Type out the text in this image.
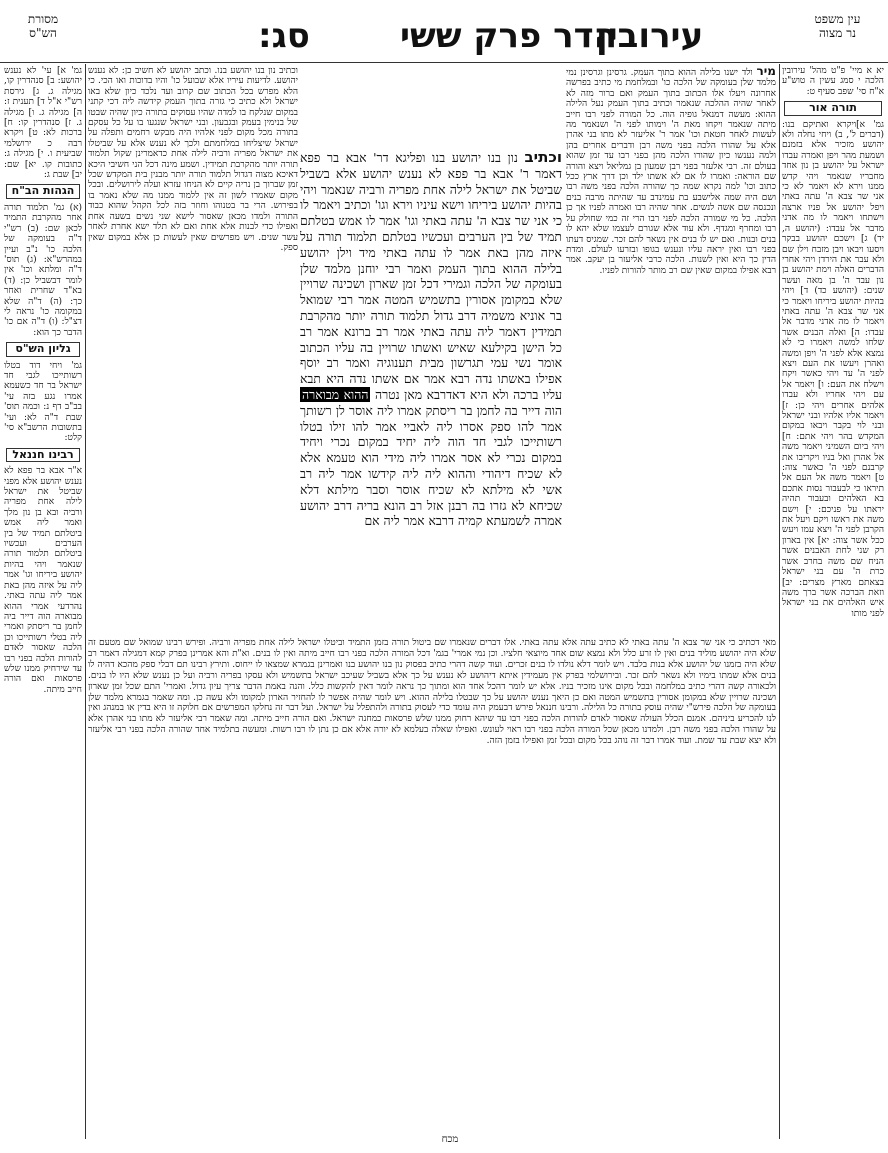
עין משפט
נר מצוה
סג:	הדר פרק ששי
עירובין
מסורת
הש"ס

יא א מיי' פ"ט מהל' עירובין הלכה י סמג עשין ה טוש"ע א"ח סי' שפב סעיף ט:

תורה אור

גמ' א]ויקרא ואתיקם בנו: (דברים ל', ב) ויחי נחלה ולא יהושע מזכיר אלא בזמנם ושמעת מהר ויפן ואמרה עבדו ישראל על יהושע בן נון אחד מחבריו שנאמר ויהי קדש ממנו וירא לא ויאמר לא כי אני שר צבא ה' עתה באתי ויפל יהושע אל פניו ארצה וישתחו ויאמר לו מה אדני מדבר אל עבדו: (יהושע ה, יד) ג] וישכם יהושע בבקר ויסעו ויבאו ויבן מזבח וילן שם ולא עבר את הירדן ויהי אחרי הדברים האלה וימת יהושע בן נון עבד ה' בן מאה ועשר שנים: (יהושע כד) ד] ויהי בהיות יהושע ביריחו ויאמר כי אני שר צבא ה' עתה באתי ויאמר לו מה אדני מדבר אל עבדו: ה] ואלה הבנים אשר שלחו למשה ויאמרו כי לא נמצא אלא לפני ה' ויפן ומשה ואהרן ויעשו את העם ויצא לפני ה' עד ויהי כאשר ויקח וישלח את העם: ו] ויאמר אל עם ויהי אחריו ולא עבדו אלהים אחרים ויהי כן: ז] ויאמר אליו אלהיו ובני ישראל ובני לוי בקבר ויבאו במקום המקדש בהר ויהי אתם: ח] ויהי ביום השמיני ויאמר משה אל אהרן ואל בניו ויקריבו את קרבנם לפני ה' כאשר צוה: ט] ויאמר משה אל העם אל תיראו כי לבעבור נסות אתכם בא האלהים ובעבור תהיה יראתו על פניכם: י] וישם משה את ראשו ויקם ויעל את הקרבן לפני ה' ויצא עמו ויעש ככל אשר צוה: יא] אין בארון רק שני לחת האבנים אשר הניח שם משה בחרב אשר כרת ה' עם בני ישראל בצאתם מארץ מצרים: יב] וזאת הברכה אשר ברך משה איש האלהים את בני ישראל לפני מותו

מיר ולד ישנו בלילה ההוא בתוך העמק. גרסינן וגרסינן נמי מלמד שלן בעומקה של הלכה כו' ובמלחמת מי כתיב בפרשה אחרונה ויעלו אלו הכתוב בתוך העמק ואם ברור מזה לא לאחר שהיה ההלכה שנאמר וכתיב בתוך העמק נעל הלילה ההוא: מעשה דמנאל גופיה הוה. כל המורה לפני רבו חייב מיתה שנאמר ויקחו מאת ה' וימותו לפני ה' ושנאמר מה לעשות לאחר חטאת וכו' אמר ר' אליעזר לא מתו בני אהרן אלא על שהורו הלכה בפני משה רבן ודברים אחרים בהן ולמה נענשו כיון שהורו הלכה מהן בפני רבו עד זמן שהוא בעולם זה. רבי אלעזר בפני רבן שמעון בן גמליאל ויצא והורה שם הוראה: ואמרו לו אם לא אשתו ילד וכן דרך ארץ ככל כתוב וכו' למה נקרא שמה כך שהורה הלכה בפני משה רבו ושם היה שמה אלישבע בת עמינדב עד שהיתה מרבה בנים ונכנסה שם אשה לנשים. אחר שהיה רבו ואמרה לפניו אך כן הלכה. כל מי שמורה הלכה לפני רבו הרי זה כמי שחולק על רבו ומחרף ומגדף. ולא עוד אלא שגורם לעצמו שלא יהא לו בנים ובנות. ואם יש לו בנים אין נשאר להם זכר. שמגיס דעתו בפני רבו ואין יראה עליו ונענש בגופו ובזרעו לעולם. ומדת הדין כך היא ואין לשנות. הלכה כרבי אליעזר בן יעקב. אמר רבא אפילו במקום שאין שם רב מותר להורות לפניו.
וכתיב נון בנו יהושע בנו ופליגא דר' אבא בר פפא דאמר ר' אבא בר פפא לא נענש יהושע אלא בשביל שביטל את ישראל לילה אחת מפריה ורביה שנאמר ויהי בהיות יהושע ביריחו וישא עיניו וירא וגו' וכתיב ויאמר לו כי אני שר צבא ה' עתה באתי וגו' אמר לו אמש בטלתם תמיד של בין הערבים ועכשיו בטלתם תלמוד תורה על איזה מהן באת אמר לו עתה באתי מיד וילן יהושע בלילה ההוא בתוך העמק ואמר רבי יוחנן מלמד שלן בעומקה של הלכה וגמירי דכל זמן שארון ושכינה שרויין שלא במקומן אסורין בתשמיש המטה אמר רבי שמואל בר אוניא משמיה דרב גדול תלמוד תורה יותר מהקרבת תמידין דאמר ליה עתה באתי אמר רב ברונא אמר רב כל הישן בקילעא שאיש ואשתו שרויין בה עליו הכתוב אומר נשי עמי תגרשון מבית תענוגיה ואמר רב יוסף אפילו באשתו נדה רבא אמר אם אשתו נדה היא תבא עליו ברכה ולא היא דאדרבא מאן נטרה ההוא מבוארה הוה דייר בה לחמן בר ריסתק אמרו ליה אוסר לן רשותך אמר להו ספק אסרו ליה לאביי אמר להו זילו בטלו רשותייכו לגבי חד הוה ליה יחיד במקום נכרי ויחיד במקום נכרי לא אסר אמרו ליה מידי הוא טעמא אלא לא שכיח דיהודי וההוא ליה ליה קידשו אמר ליה רב אשי לא מילתא לא שכיח אוסר וסבר מילתא דלא שכיחא לא גזרו בה רבנן אזל רב הונא בריה דרב יהושע אמרה לשמעתא קמיה דרבא אמר ליה אם
וכתיב נון בנו יהושע בנו. וכתב יהושע לא חשיב כן: לא נענש יהושע. לדיעות עיריו אלא שבועל כו' והיו בדוכות ואו הכי. כי הלא מפרש בכל הכתוב שם קרוב ועד נלכד כיון שלא באו ישראל ולא כתיב כי גזרה בתוך העמק קידשה ליה דכי קתני במקום שנלקח בו למדה שהיו עסוקים בתורה כיון שהיה שבטו של בנימין בעמק ובגבעון. ובני ישראל שנגעו בו על כל עסקם בתורה מכל מקום לפני אלהיו היה מבקש רחמים ותפלה על ישראל שיצליחו במלחמתם ולכך לא נענש אלא על שביטלו את ישראל מפריה ורביה לילה אחת כדאמרינן שקול תלמוד תורה יותר מהקרבת תמידין. ושמע מינה דכל הני חשיבי היכא דאיכא מצוה דגדול תלמוד תורה יותר מבנין בית המקדש שכל זמן שברוך בן נריה קיים לא הניחו עזרא ועלה לירושלים. ובכל מקום שאמרו לשון זה אין ללמוד ממנו מה שלא נאמר בו בפירוש. הרי בר בטנוהו וחוזר בזה לכל הקהל שהוא כבוד התורה ולמדו מכאן שאסור לישא שני נשים בשעה אחת ואפילו כדי לבנות אלא אחת ואם לא תלד ישא אחרת לאחר עשר שנים. ויש מפרשים שאין לעשות כן אלא במקום שאין ספק.

גמ' א] עי' לא נענש יהושע: ב] סנהדרין קו, מגילה ג. ג] גירסת רש"י א"ל ד] תענית ז: ה] מגילה ג. ו] מגילה ג. ז] סנהדרין קו: ח] ברכות לא: ט] ויקרא רבה כ ירושלמי שביעית ו. י] מגילה ג: כתובות קו. יא] שם: יב] שבת ג:

הגהות הב"ח

(א) גמ' תלמוד תורה אחר מהקרבת התמיד לכאן שם: (ב) רש"י ד"ה בעומקה של הלכה כו' נ"ב ועיין במהרש"א: (ג) תוס' ד"ה ומלתא וכו' אין לומר דבשביל כן: (ד) בא"ד שחרית ואחר כך: (ה) ד"ה שלא במקומה כו' נראה לי דצ"ל: (ו) ד"ה אם כו' הדבר כך הוא:

גליון הש"ס

גמ' ויחי דוד בטלו רשותייכו לגבי חד ישראל בר חד כשעמא אמרו נגע בזה עי' בב"ב דף נ: וכמה תוס' שבת ד"ה לא: ועי' בתשובות הרשב"א סי' קלט:

רבינו חננאל

א"ר אבא בר פפא לא נענש יהושע אלא מפני שביטל את ישראל לילה אחת מפריה ורביה ובא בן נון מלך ואמר ליה אמש ביטלתם תמיד של בין הערבים ועכשיו ביטלתם תלמוד תורה שנאמר ויהי בהיות יהושע ביריחו וגו' אמר ליה על איזה מהן באת אמר ליה עתה באתי. נהרדעי אמרי ההוא מבוארה הוה דייר ביה לחמן בר ריסתק ואמרי ליה בטלי רשותייכו וכן הלכה שאסור לאדם להורות הלכה בפני רבו עד שירחיק ממנו שלש פרסאות ואם הורה חייב מיתה.

מאי דכתיב כי אני שר צבא ה' עתה באתי לא כתיב עתה אלא עתה באתי. אלו דברים שנאמרו שם ביטול תורה בזמן התמיד וביטלו ישראל לילה אחת מפריה ורביה. ופירש רבינו שמואל שם מטעם זה שלא היה יהושע מוליד בנים ואין לו זרע כלל ולא נמצא שום אחד מיוצאי חלציו. וכן נמי אמרי' בגמ' דכל המורה הלכה בפני רבו חייב מיתה ואין לו בנים. וא"ת והא אמרינן בפרק קמא דמגילה דאמר רב שלא היה בזמנו של יהושע אלא בנות בלבד. ויש לומר דלא נולדו לו בנים זכרים. ועוד קשה דהרי כתיב בפסוק נון בנו יהושע בנו ואמרינן בגמרא שמצאו לו ייחוס. ותירץ רבינו תם דבלי ספק מהכא דהיה לו בנים אלא שמתו בימיו ולא נשאר להם זכר. ובירושלמי בפרק אין מעמידין איתא דיהושע לא נענש על כך אלא בשביל שעיכב ישראל בתשמיש ולא עסקו בפריה ורביה ועל כן נענש שלא היו לו בנים. ולכאורה קשה דהרי כתיב במלחמה ובכל מקום אינו מזכיר בניו. אלא יש לומר דהכל אחד הוא ומתוך כך נראה לומר דאין להקשות כלל. והנה באמת הדבר צריך עיון גדול. ואמרי' התם שכל זמן שארון ושכינה שרויין שלא במקומן אסורין בתשמיש המטה ואם כן היאך נענש יהושע על כך שבטלו בלילה ההוא. ויש לומר שהיה אפשר לו להחזיר הארון למקומו ולא עשה כן. ומה שאמר בגמרא מלמד שלן בעומקה של הלכה פירש"י שהיה עוסק בתורה כל הלילה. ורבינו חננאל פירש דבעמק היה עומד כדי לעסוק בתורה ולהתפלל על ישראל. ועל דבר זה נחלקו המפרשים אם חלוקה זו היא בדין או במנהג ואין לנו להכריע ביניהם. אמנם הכלל העולה שאסור לאדם להורות הלכה בפני רבו עד שיהא רחוק ממנו שלש פרסאות כמחנה ישראל. ואם הורה חייב מיתה. ומה שאמר רבי אליעזר לא מתו בני אהרן אלא על שהורו הלכה בפני משה רבן. ולמדנו מכאן שכל המורה הלכה בפני רבו ראוי לעונש. ואפילו שאלה בעלמא לא יורה אלא אם כן נתן לו רבו רשות. ומעשה בתלמיד אחד שהורה הלכה בפני רבי אליעזר ולא יצא שבת עד שמת. ועוד אמרו דבר זה נוהג בכל מקום ובכל זמן ואפילו בזמן הזה.
מכח
